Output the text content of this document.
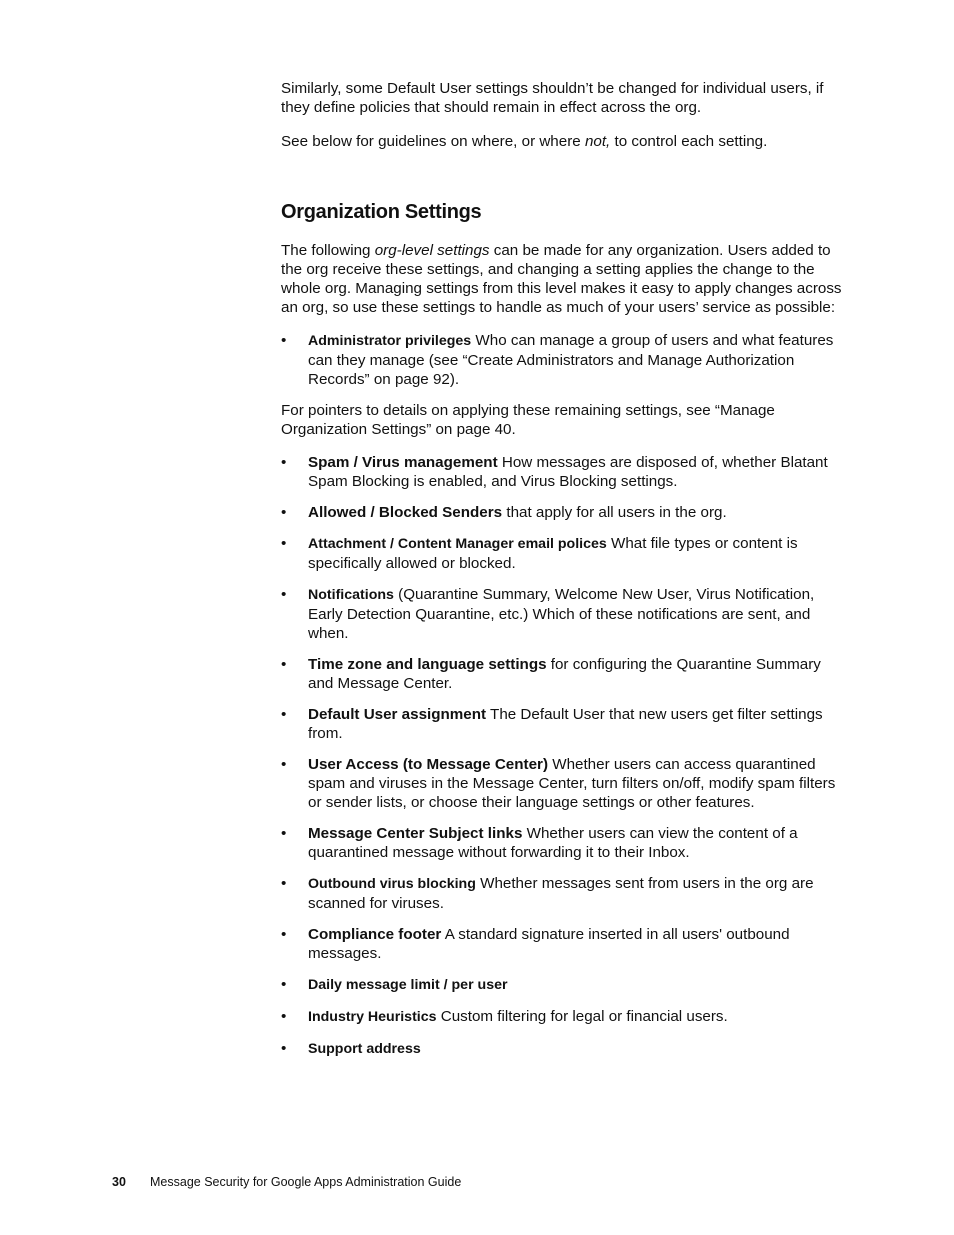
Similarly, some Default User settings shouldn’t be changed for individual users, if they define policies that should remain in effect across the org.

See below for guidelines on where, or where not, to control each setting.

Organization Settings

The following org-level settings can be made for any organization. Users added to the org receive these settings, and changing a setting applies the change to the whole org. Managing settings from this level makes it easy to apply changes across an org, so use these settings to handle as much of your users’ service as possible:

• Administrator privileges Who can manage a group of users and what features can they manage (see “Create Administrators and Manage Authorization Records” on page 92).

For pointers to details on applying these remaining settings, see “Manage Organization Settings” on page 40.

• Spam / Virus management How messages are disposed of, whether Blatant Spam Blocking is enabled, and Virus Blocking settings.
• Allowed / Blocked Senders that apply for all users in the org.
• Attachment / Content Manager email polices What file types or content is specifically allowed or blocked.
• Notifications (Quarantine Summary, Welcome New User, Virus Notification, Early Detection Quarantine, etc.) Which of these notifications are sent, and when.
• Time zone and language settings for configuring the Quarantine Summary and Message Center.
• Default User assignment The Default User that new users get filter settings from.
• User Access (to Message Center) Whether users can access quarantined spam and viruses in the Message Center, turn filters on/off, modify spam filters or sender lists, or choose their language settings or other features.
• Message Center Subject links Whether users can view the content of a quarantined message without forwarding it to their Inbox.
• Outbound virus blocking Whether messages sent from users in the org are scanned for viruses.
• Compliance footer A standard signature inserted in all users' outbound messages.
• Daily message limit / per user
• Industry Heuristics Custom filtering for legal or financial users.
• Support address
30 Message Security for Google Apps Administration Guide
